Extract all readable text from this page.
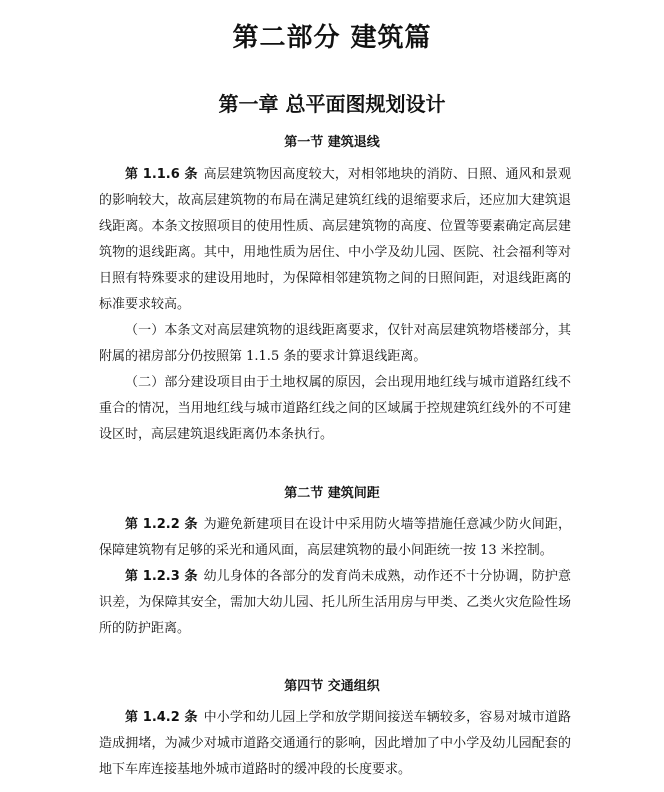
第二部分 建筑篇
第一章 总平面图规划设计
第一节 建筑退线

第 1.1.6 条 高层建筑物因高度较大，对相邻地块的消防、日照、通风和景观的影响较大，故高层建筑物的布局在满足建筑红线的退缩要求后，还应加大建筑退线距离。本条文按照项目的使用性质、高层建筑物的高度、位置等要素确定高层建筑物的退线距离。其中，用地性质为居住、中小学及幼儿园、医院、社会福利等对日照有特殊要求的建设用地时，为保障相邻建筑物之间的日照间距，对退线距离的标准要求较高。

（一）本条文对高层建筑物的退线距离要求，仅针对高层建筑物塔楼部分，其附属的裙房部分仍按照第 1.1.5 条的要求计算退线距离。

（二）部分建设项目由于土地权属的原因，会出现用地红线与城市道路红线不重合的情况，当用地红线与城市道路红线之间的区域属于控规建筑红线外的不可建设区时，高层建筑退线距离仍本条执行。

第二节 建筑间距

第 1.2.2 条 为避免新建项目在设计中采用防火墙等措施任意减少防火间距，保障建筑物有足够的采光和通风面，高层建筑物的最小间距统一按 13 米控制。

第 1.2.3 条 幼儿身体的各部分的发育尚未成熟，动作还不十分协调，防护意识差，为保障其安全，需加大幼儿园、托儿所生活用房与甲类、乙类火灾危险性场所的防护距离。

第四节 交通组织

第 1.4.2 条 中小学和幼儿园上学和放学期间接送车辆较多，容易对城市道路造成拥堵，为减少对城市道路交通通行的影响，因此增加了中小学及幼儿园配套的地下车库连接基地外城市道路时的缓冲段的长度要求。
